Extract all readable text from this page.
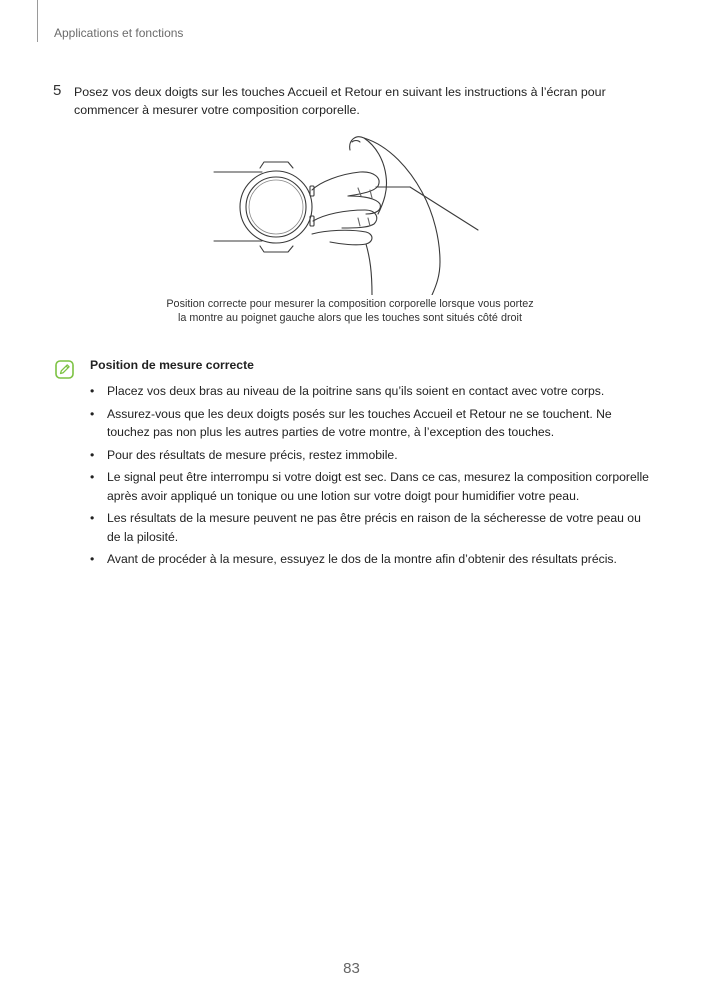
Applications et fonctions
5 Posez vos deux doigts sur les touches Accueil et Retour en suivant les instructions à l’écran pour commencer à mesurer votre composition corporelle.
Position correcte pour mesurer la composition corporelle lorsque vous portez
la montre au poignet gauche alors que les touches sont situés côté droit
Position de mesure correcte
• Placez vos deux bras au niveau de la poitrine sans qu’ils soient en contact avec votre corps.
• Assurez-vous que les deux doigts posés sur les touches Accueil et Retour ne se touchent. Ne touchez pas non plus les autres parties de votre montre, à l’exception des touches.
• Pour des résultats de mesure précis, restez immobile.
• Le signal peut être interrompu si votre doigt est sec. Dans ce cas, mesurez la composition corporelle après avoir appliqué un tonique ou une lotion sur votre doigt pour humidifier votre peau.
• Les résultats de la mesure peuvent ne pas être précis en raison de la sécheresse de votre peau ou de la pilosité.
• Avant de procéder à la mesure, essuyez le dos de la montre afin d’obtenir des résultats précis.
83
